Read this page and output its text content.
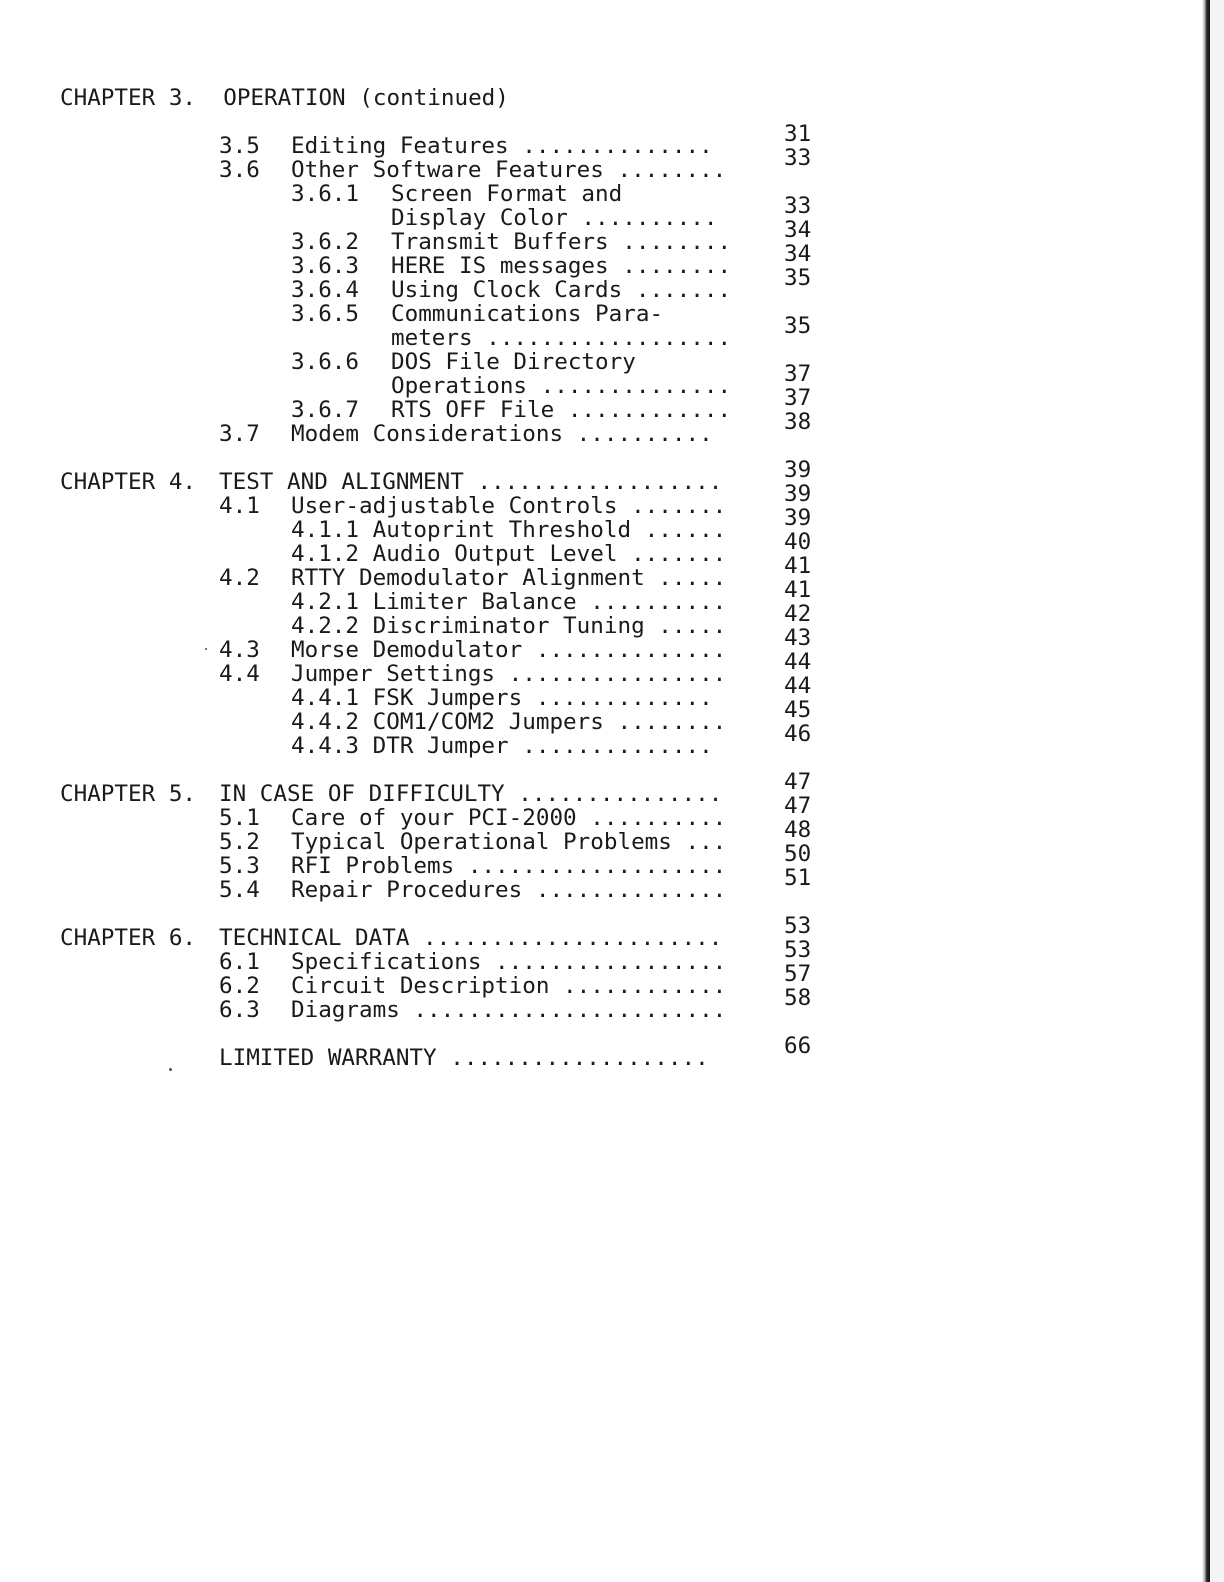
CHAPTER 3.  OPERATION (continued)
3.5 Editing Features ..............	31
3.6 Other Software Features ........	33
3.6.1 Screen Format and
Display Color ..........	33
3.6.2 Transmit Buffers ........ 34
3.6.3 HERE IS messages ........ 34
3.6.4 Using Clock Cards ....... 35
3.6.5 Communications Para-
meters .................. 35
3.6.6 DOS File Directory
Operations .............. 37
3.6.7 RTS OFF File ............ 37
3.7 Modem Considerations ..........	38
CHAPTER 4. TEST AND ALIGNMENT ..................	39
4.1 User-adjustable Controls .......	39
4.1.1 Autoprint Threshold ......	39
4.1.2 Audio Output Level .......	40
4.2 RTTY Demodulator Alignment .....	41
4.2.1 Limiter Balance ..........	41
4.2.2 Discriminator Tuning .....	42
4.3 Morse Demodulator ..............	43
4.4 Jumper Settings ................	44
4.4.1 FSK Jumpers .............	44
4.4.2 COM1/COM2 Jumpers ........	45
4.4.3 DTR Jumper ..............	46
CHAPTER 5. IN CASE OF DIFFICULTY ...............	47
5.1 Care of your PCI-2000 ..........	47
5.2 Typical Operational Problems ...	48
5.3 RFI Problems ...................	50
5.4 Repair Procedures ..............	51
CHAPTER 6. TECHNICAL DATA ......................	53
6.1 Specifications .................	53
6.2 Circuit Description ............	57
6.3 Diagrams .......................	58
LIMITED WARRANTY ...................	66
